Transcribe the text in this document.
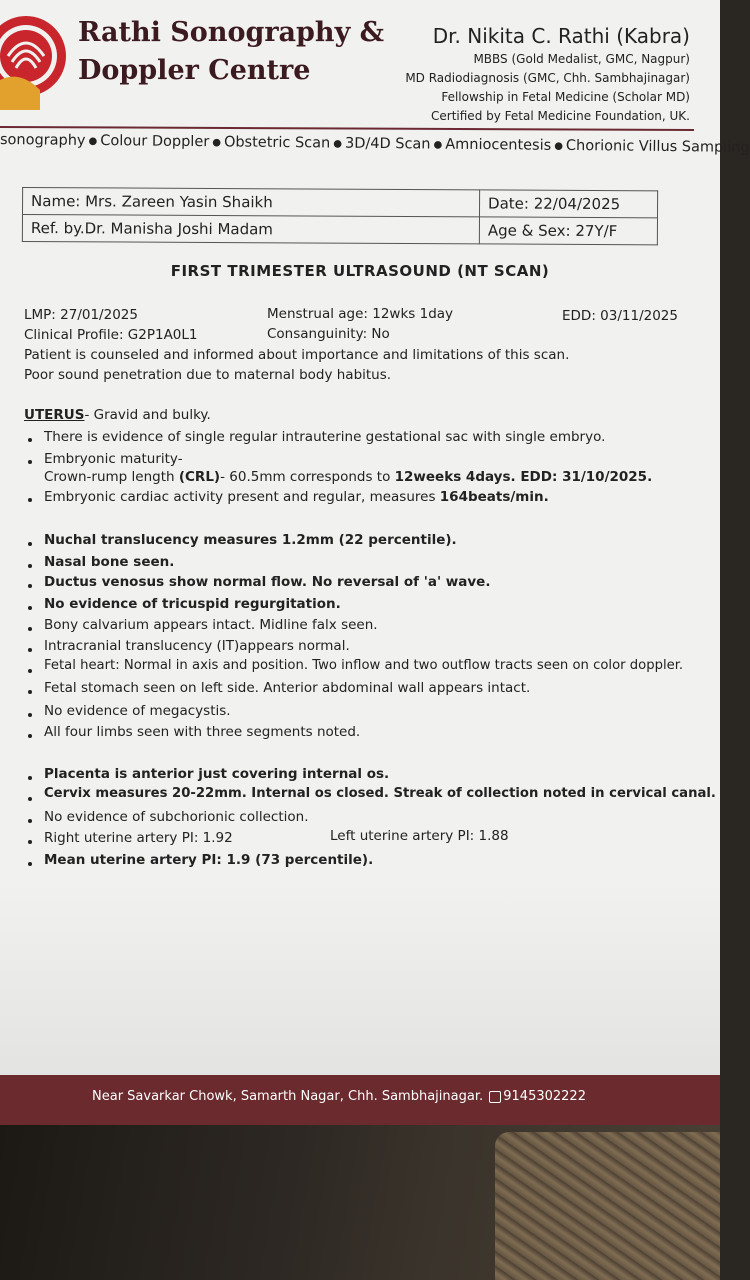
Rathi Sonography &
Doppler Centre
Dr. Nikita C. Rathi (Kabra)
MBBS (Gold Medalist, GMC, Nagpur)
MD Radiodiagnosis (GMC, Chh. Sambhajinagar)
Fellowship in Fetal Medicine (Scholar MD)
Certified by Fetal Medicine Foundation, UK.
sonography ● Colour Doppler ● Obstetric Scan ● 3D/4D Scan ● Amniocentesis ● Chorionic Villus Sampling
Name: Mrs. Zareen Yasin Shaikh	Date: 22/04/2025
Ref. by.Dr. Manisha Joshi Madam	Age & Sex: 27Y/F
FIRST TRIMESTER ULTRASOUND (NT SCAN)
LMP: 27/01/2025	Menstrual age: 12wks 1day	EDD: 03/11/2025
Clinical Profile: G2P1A0L1	Consanguinity: No
Patient is counseled and informed about importance and limitations of this scan.
Poor sound penetration due to maternal body habitus.
UTERUS- Gravid and bulky.
There is evidence of single regular intrauterine gestational sac with single embryo.
Embryonic maturity-
Crown-rump length (CRL)- 60.5mm corresponds to 12weeks 4days. EDD: 31/10/2025.
Embryonic cardiac activity present and regular, measures 164beats/min.
Nuchal translucency measures 1.2mm (22 percentile).
Nasal bone seen.
Ductus venosus show normal flow. No reversal of 'a' wave.
No evidence of tricuspid regurgitation.
Bony calvarium appears intact. Midline falx seen.
Intracranial translucency (IT)appears normal.
Fetal heart: Normal in axis and position. Two inflow and two outflow tracts seen on color doppler.
Fetal stomach seen on left side. Anterior abdominal wall appears intact.
No evidence of megacystis.
All four limbs seen with three segments noted.
Placenta is anterior just covering internal os.
Cervix measures 20-22mm. Internal os closed. Streak of collection noted in cervical canal.
No evidence of subchorionic collection.
Right uterine artery PI: 1.92	Left uterine artery PI: 1.88
Mean uterine artery PI: 1.9 (73 percentile).
Near Savarkar Chowk, Samarth Nagar, Chh. Sambhajinagar. 9145302222
